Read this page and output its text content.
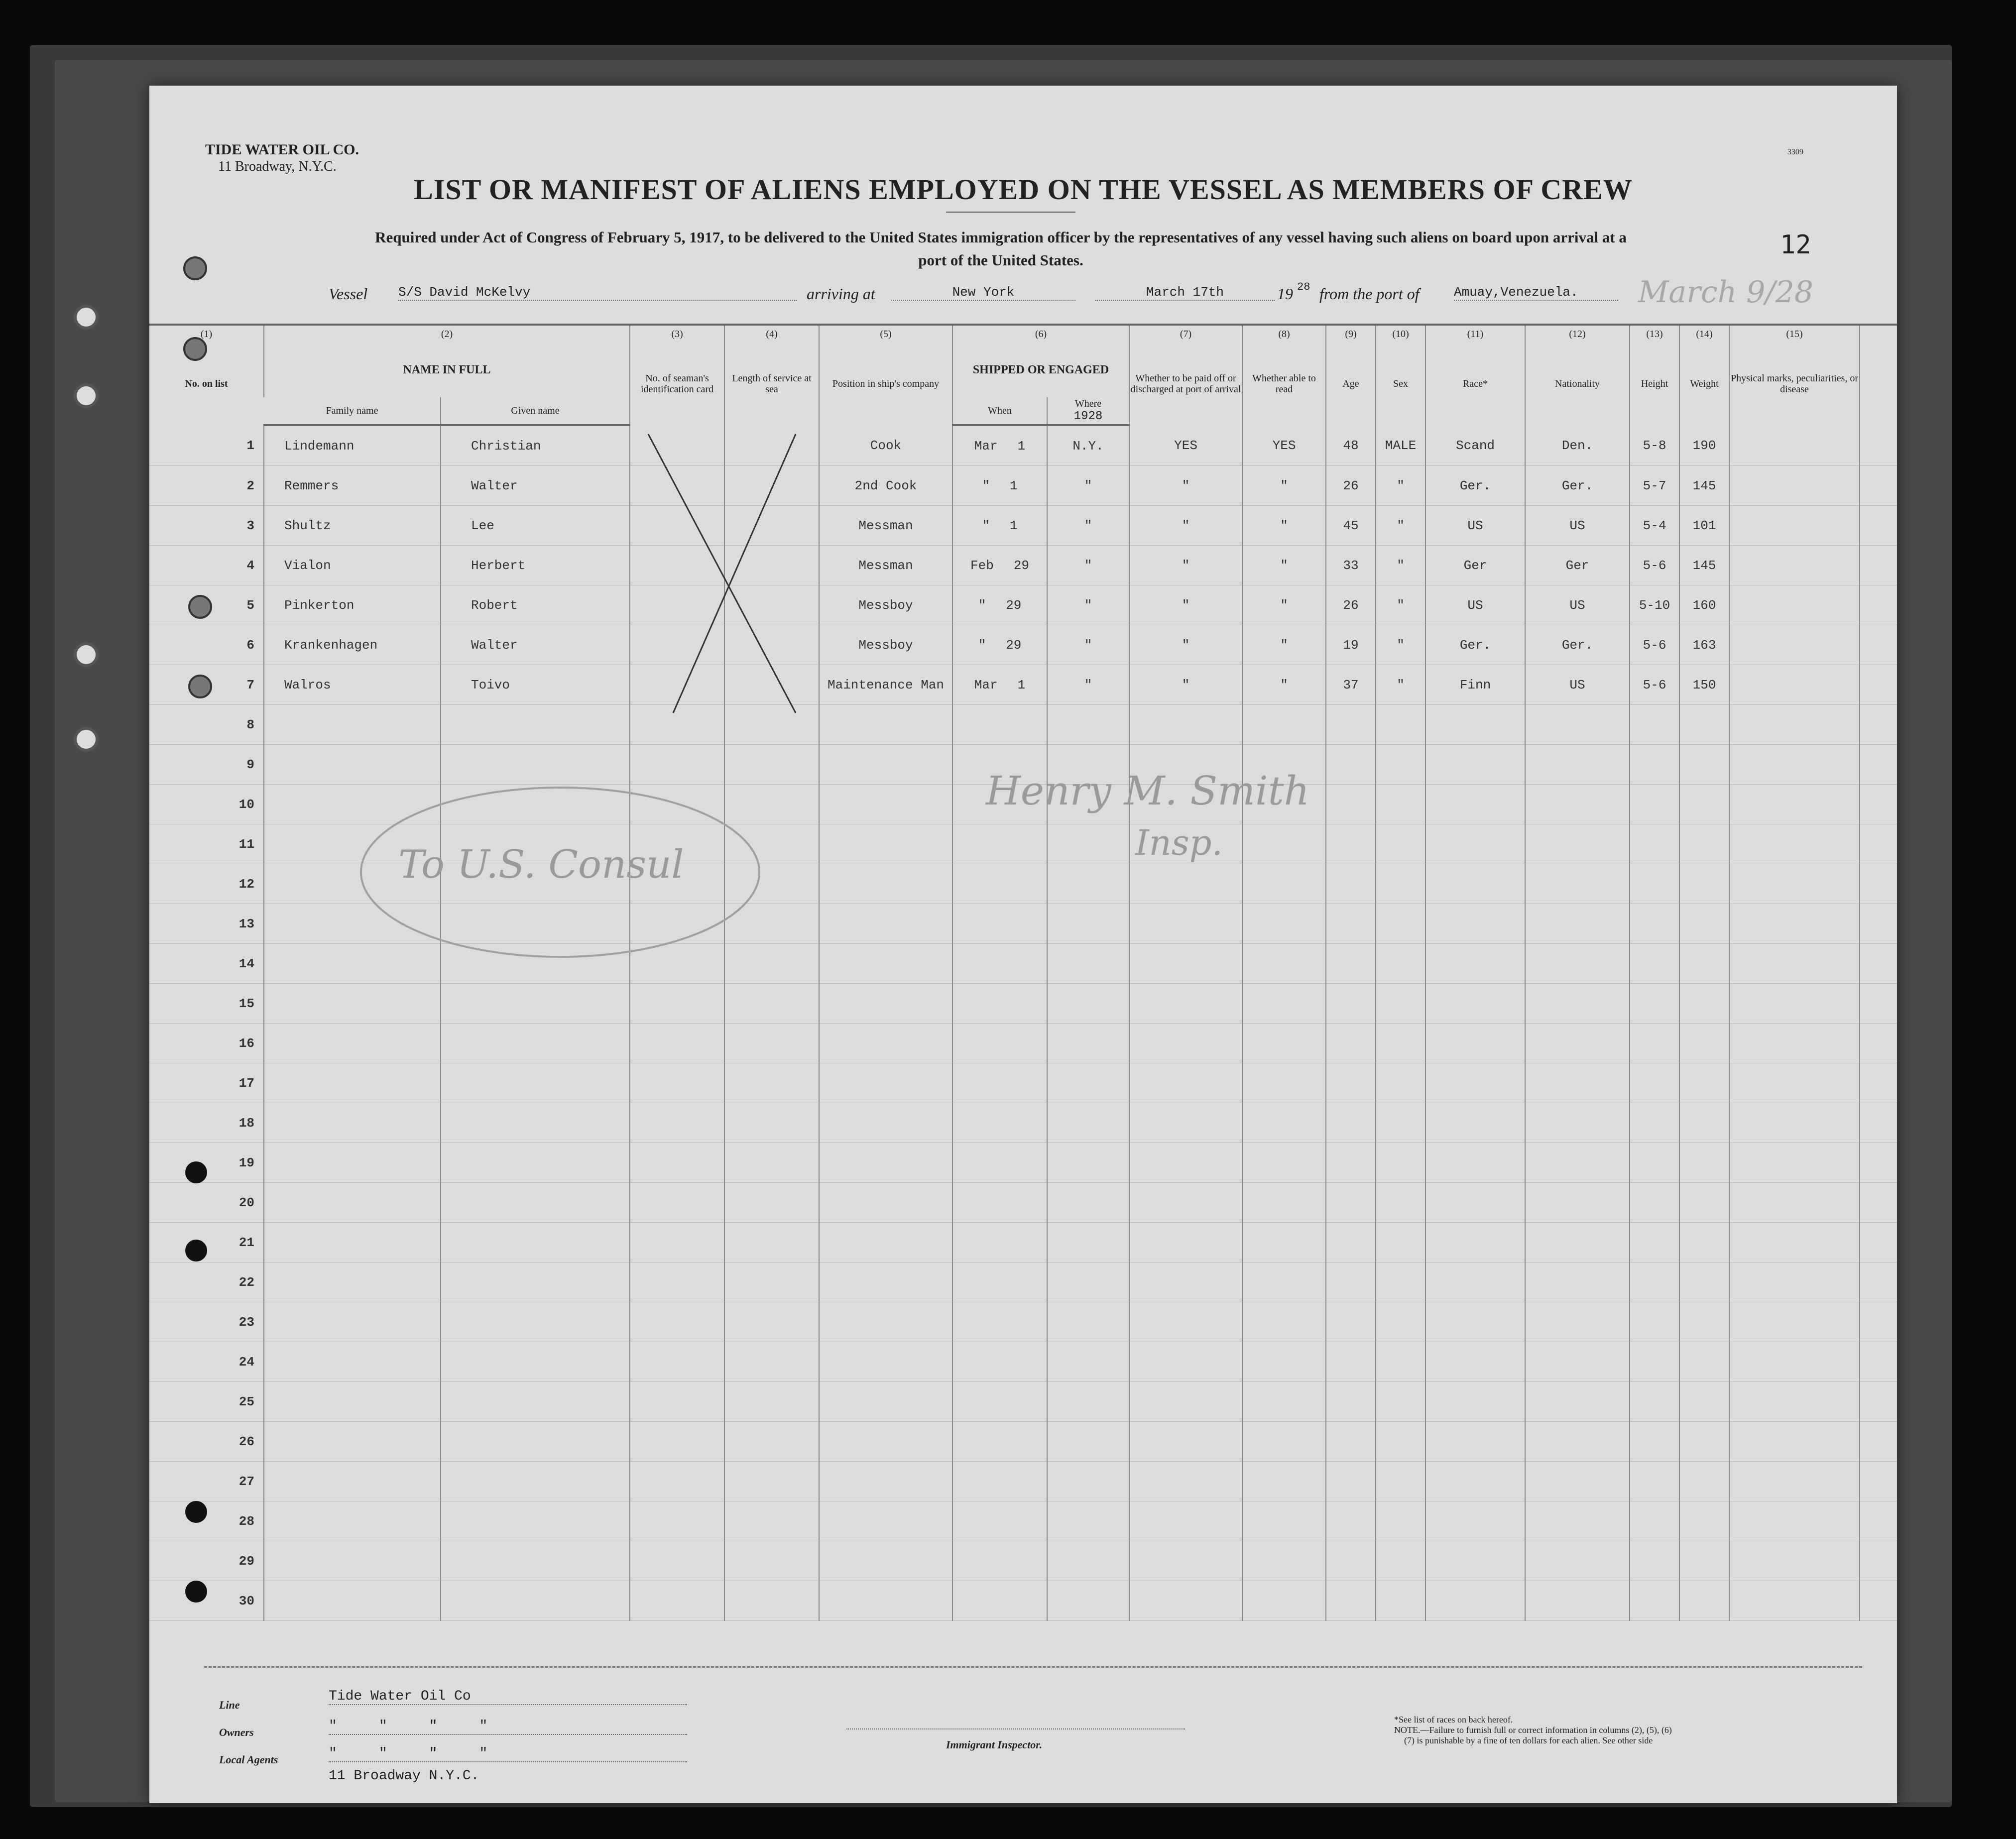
3309
TIDE WATER OIL CO.
11 Broadway, N.Y.C.
LIST OR MANIFEST OF ALIENS EMPLOYED ON THE VESSEL AS MEMBERS OF CREW
Required under Act of Congress of February 5, 1917, to be delivered to the United States immigration officer by the representatives of any vessel having such aliens on board upon arrival at a
port of the United States.
12
Vessel S/S David McKelvy	arriving at	New York	March 17th	19 28 from the port of	Amuay,Venezuela.	March 9/28
(1)	(2)		(3)	(4)	(5)	(6)		(7)	(8)	(9)	(10)	(11)	(12)	(13)	(14)	(15)	
No. on list	NAME IN FULL		No. of seaman's identification card	Length of service at sea	Position in ship's company	SHIPPED OR ENGAGED		Whether to be paid off or discharged at port of arrival	Whether able to read	Age	Sex	Race*	Nationality	Height	Weight	Physical marks, peculiarities, or disease	
	Family name	Given name				When	Where
1928										

1	Lindemann	Christian			Cook	Mar 1	N.Y.	YES	YES	48	MALE	Scand	Den.	5-8	190		
2	Remmers	Walter			2nd Cook	" 1	"	"	"	26	"	Ger.	Ger.	5-7	145		
3	Shultz	Lee			Messman	" 1	"	"	"	45	"	US	US	5-4	101		
4	Vialon	Herbert			Messman	Feb 29	"	"	"	33	"	Ger	Ger	5-6	145		
5	Pinkerton	Robert			Messboy	" 29	"	"	"	26	"	US	US	5-10	160		
6	Krankenhagen	Walter			Messboy	" 29	"	"	"	19	"	Ger.	Ger.	5-6	163		
7	Walros	Toivo			Maintenance Man	Mar 1	"	"	"	37	"	Finn	US	5-6	150		
8																	
9																	
10																	
11																	
12																	
13																	
14																	
15																	
16																	
17																	
18																	
19																	
20																	
21																	
22																	
23																	
24																	
25																	
26																	
27																	
28																	
29																	
30																	
To U.S. Consul
Henry M. Smith
Insp.
Line
Tide Water Oil Co
Owners	"     "     "     "
Local Agents	"     "     "     "
11 Broadway N.Y.C.
Immigrant Inspector.
*See list of races on back hereof.
NOTE.—Failure to furnish full or correct information in columns (2), (5), (6)
(7) is punishable by a fine of ten dollars for each alien. See other side
